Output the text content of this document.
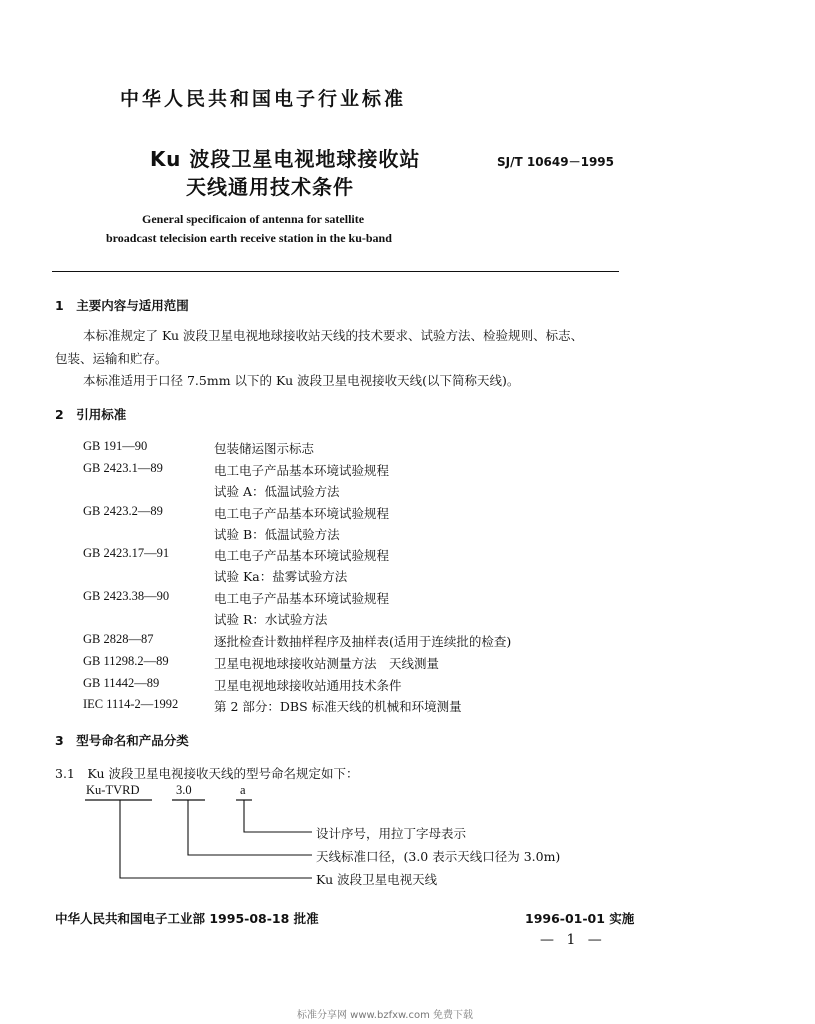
中华人民共和国电子行业标准
Ku 波段卫星电视地球接收站
天线通用技术条件
SJ/T 10649－1995
General specificaion of antenna for satellite
broadcast telecision earth receive station in the ku-band
1　主要内容与适用范围
本标准规定了 Ku 波段卫星电视地球接收站天线的技术要求、试验方法、检验规则、标志、
包装、运输和贮存。
本标准适用于口径 7.5mm 以下的 Ku 波段卫星电视接收天线(以下简称天线)。
2　引用标准
GB 191—90	包装储运图示标志
GB 2423.1—89	电工电子产品基本环境试验规程
试验 A：低温试验方法
GB 2423.2—89	电工电子产品基本环境试验规程
试验 B：低温试验方法
GB 2423.17—91	电工电子产品基本环境试验规程
试验 Ka：盐雾试验方法
GB 2423.38—90	电工电子产品基本环境试验规程
试验 R：水试验方法
GB 2828—87	逐批检查计数抽样程序及抽样表(适用于连续批的检查)
GB 11298.2—89	卫星电视地球接收站测量方法　天线测量
GB 11442—89	卫星电视地球接收站通用技术条件
IEC 1114-2—1992	第 2 部分：DBS 标准天线的机械和环境测量
3　型号命名和产品分类
3.1　Ku 波段卫星电视接收天线的型号命名规定如下：
Ku-TVRD	3.0	a
设计序号，用拉丁字母表示
天线标准口径，(3.0 表示天线口径为 3.0m)
Ku 波段卫星电视天线
中华人民共和国电子工业部 1995-08-18 批准	1996-01-01 实施
— 1 —
标准分享网 www.bzfxw.com 免费下载
